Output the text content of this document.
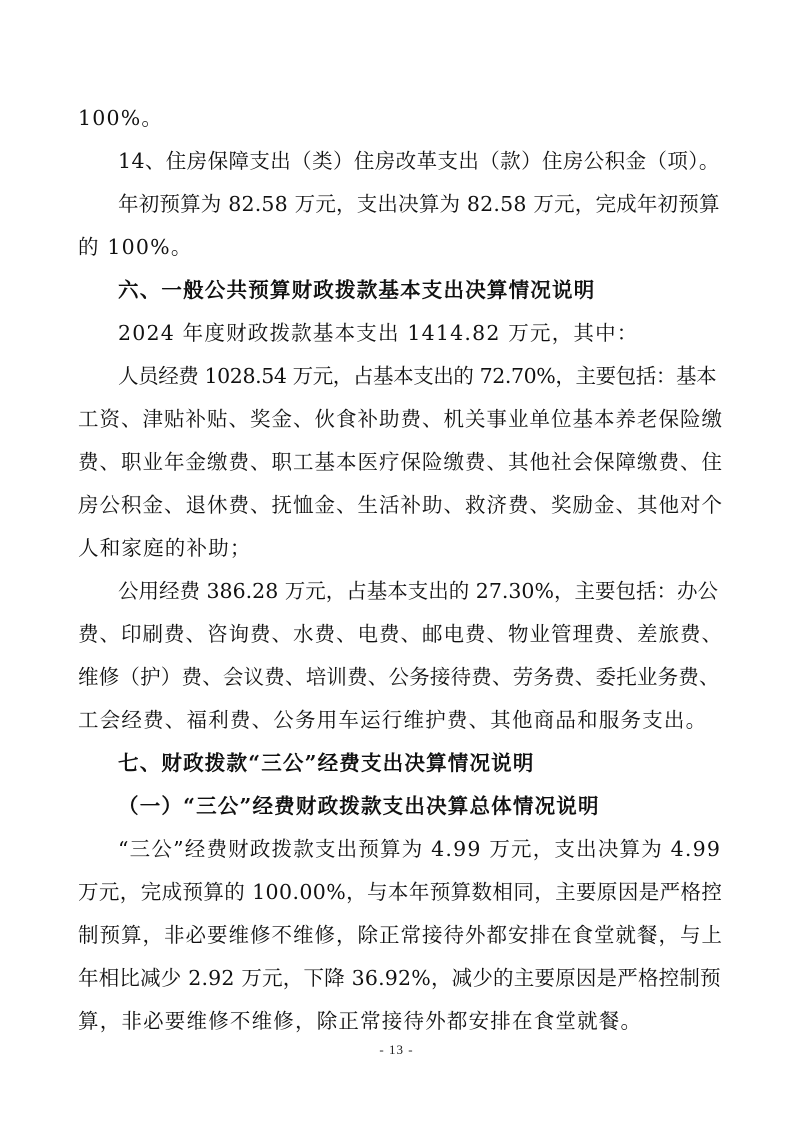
100%。
14、住房保障支出（类）住房改革支出（款）住房公积金（项）。
年初预算为 82.58 万元，支出决算为 82.58 万元，完成年初预算
的 100%。
六、一般公共预算财政拨款基本支出决算情况说明
2024 年度财政拨款基本支出 1414.82 万元，其中：
人员经费 1028.54 万元，占基本支出的 72.70%，主要包括：基本
工资、津贴补贴、奖金、伙食补助费、机关事业单位基本养老保险缴
费、职业年金缴费、职工基本医疗保险缴费、其他社会保障缴费、住
房公积金、退休费、抚恤金、生活补助、救济费、奖励金、其他对个
人和家庭的补助；
公用经费 386.28 万元，占基本支出的 27.30%，主要包括：办公
费、印刷费、咨询费、水费、电费、邮电费、物业管理费、差旅费、
维修（护）费、会议费、培训费、公务接待费、劳务费、委托业务费、
工会经费、福利费、公务用车运行维护费、其他商品和服务支出。
七、财政拨款“三公”经费支出决算情况说明
（一）“三公”经费财政拨款支出决算总体情况说明
“三公”经费财政拨款支出预算为 4.99 万元，支出决算为 4.99
万元，完成预算的 100.00%，与本年预算数相同，主要原因是严格控
制预算，非必要维修不维修，除正常接待外都安排在食堂就餐，与上
年相比减少 2.92 万元，下降 36.92%，减少的主要原因是严格控制预
算，非必要维修不维修，除正常接待外都安排在食堂就餐。
- 13 -
